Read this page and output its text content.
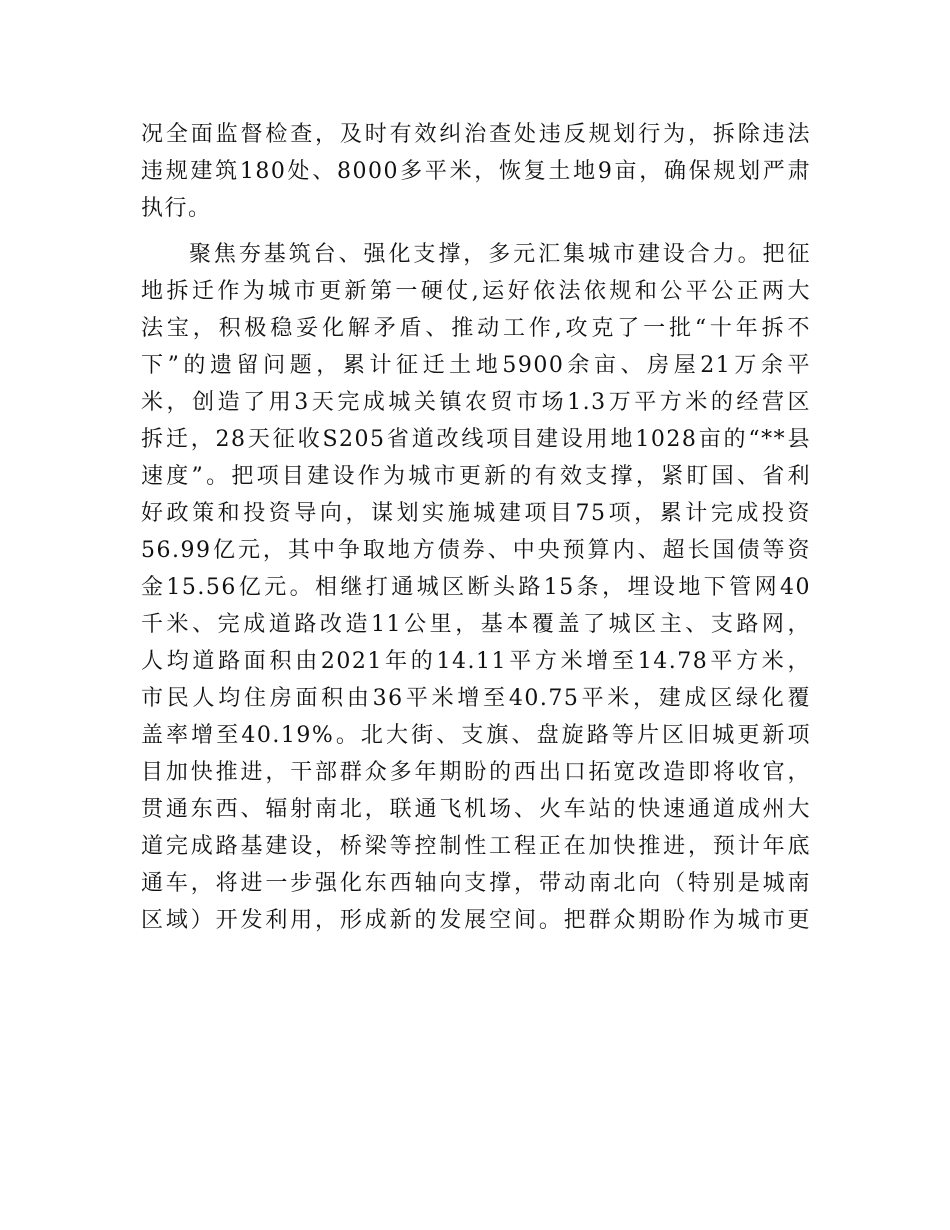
况全面监督检查，及时有效纠治查处违反规划行为，拆除违法
违规建筑180处、8000多平米，恢复土地9亩，确保规划严肃
执行。
聚焦夯基筑台、强化支撑，多元汇集城市建设合力。把征
地拆迁作为城市更新第一硬仗,运好依法依规和公平公正两大
法宝，积极稳妥化解矛盾、推动工作,攻克了一批“十年拆不
下”的遗留问题，累计征迁土地5900余亩、房屋21万余平
米，创造了用3天完成城关镇农贸市场1.3万平方米的经营区
拆迁，28天征收S205省道改线项目建设用地1028亩的“**县
速度”。把项目建设作为城市更新的有效支撑，紧盯国、省利
好政策和投资导向，谋划实施城建项目75项，累计完成投资
56.99亿元，其中争取地方债券、中央预算内、超长国债等资
金15.56亿元。相继打通城区断头路15条，埋设地下管网40
千米、完成道路改造11公里，基本覆盖了城区主、支路网，
人均道路面积由2021年的14.11平方米增至14.78平方米，
市民人均住房面积由36平米增至40.75平米，建成区绿化覆
盖率增至40.19%。北大街、支旗、盘旋路等片区旧城更新项
目加快推进，干部群众多年期盼的西出口拓宽改造即将收官，
贯通东西、辐射南北，联通飞机场、火车站的快速通道成州大
道完成路基建设，桥梁等控制性工程正在加快推进，预计年底
通车，将进一步强化东西轴向支撑，带动南北向（特别是城南
区域）开发利用，形成新的发展空间。把群众期盼作为城市更
